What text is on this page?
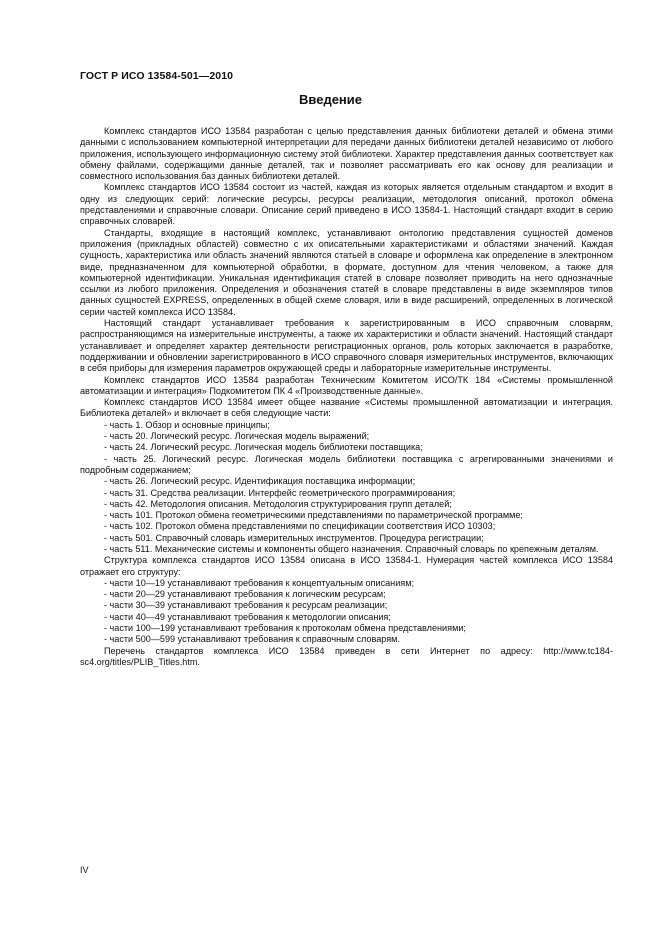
ГОСТ Р ИСО 13584-501—2010
Введение

Комплекс стандартов ИСО 13584 разработан с целью представления данных библиотеки деталей и обмена этими данными с использованием компьютерной интерпретации для передачи данных библиотеки деталей независимо от любого приложения, использующего информационную систему этой библиотеки. Характер представления данных соответствует как обмену файлами, содержащими данные деталей, так и позволяет рассматривать его как основу для реализации и совместного использования баз данных библиотеки деталей.

Комплекс стандартов ИСО 13584 состоит из частей, каждая из которых является отдельным стандартом и входит в одну из следующих серий: логические ресурсы, ресурсы реализации, методология описаний, протокол обмена представлениями и справочные словари. Описание серий приведено в ИСО 13584-1. Настоящий стандарт входит в серию справочных словарей.

Стандарты, входящие в настоящий комплекс, устанавливают онтологию представления сущностей доменов приложения (прикладных областей) совместно с их описательными характеристиками и областями значений. Каждая сущность, характеристика или область значений являются статьей в словаре и оформлена как определение в электронном виде, предназначенном для компьютерной обработки, в формате, доступном для чтения человеком, а также для компьютерной идентификации. Уникальная идентификация статей в словаре позволяет приводить на него однозначные ссылки из любого приложения. Определения и обозначения статей в словаре представлены в виде экземпляров типов данных сущностей EXPRESS, определенных в общей схеме словаря, или в виде расширений, определенных в логической серии частей комплекса ИСО 13584.

Настоящий стандарт устанавливает требования к зарегистрированным в ИСО справочным словарям, распространяющимся на измерительные инструменты, а также их характеристики и области значений. Настоящий стандарт устанавливает и определяет характер деятельности регистрационных органов, роль которых заключается в разработке, поддерживании и обновлении зарегистрированного в ИСО справочного словаря измерительных инструментов, включающих в себя приборы для измерения параметров окружающей среды и лабораторные измерительные инструменты.

Комплекс стандартов ИСО 13584 разработан Техническим Комитетом ИСО/ТК 184 «Системы промышленной автоматизации и интеграция» Подкомитетом ПК 4 «Производственные данные».

Комплекс стандартов ИСО 13584 имеет общее название «Системы промышленной автоматизации и интеграция. Библиотека деталей» и включает в себя следующие части:

- часть 1. Обзор и основные принципы;

- часть 20. Логический ресурс. Логическая модель выражений;

- часть 24. Логический ресурс. Логическая модель библиотеки поставщика;

- часть 25. Логический ресурс. Логическая модель библиотеки поставщика с агрегированными значениями и подробным содержанием;

- часть 26. Логический ресурс. Идентификация поставщика информации;

- часть 31. Средства реализации. Интерфейс геометрического программирования;

- часть 42. Методология описания. Методология структурирования групп деталей;

- часть 101. Протокол обмена геометрическими представлениями по параметрической программе;

- часть 102. Протокол обмена представлениями по спецификации соответствия ИСО 10303;

- часть 501. Справочный словарь измерительных инструментов. Процедура регистрации;

- часть 511. Механические системы и компоненты общего назначения. Справочный словарь по крепежным деталям.

Структура комплекса стандартов ИСО 13584 описана в ИСО 13584-1. Нумерация частей комплекса ИСО 13584 отражает его структуру:

- части 10—19 устанавливают требования к концептуальным описаниям;

- части 20—29 устанавливают требования к логическим ресурсам;

- части 30—39 устанавливают требования к ресурсам реализации;

- части 40—49 устанавливают требования к методологии описания;

- части 100—199 устанавливают требования к протоколам обмена представлениями;

- части 500—599 устанавливают требования к справочным словарям.

Перечень стандартов комплекса ИСО 13584 приведен в сети Интернет по адресу: http://www.tc184-sc4.org/titles/PLIB_Titles.htm.

IV
